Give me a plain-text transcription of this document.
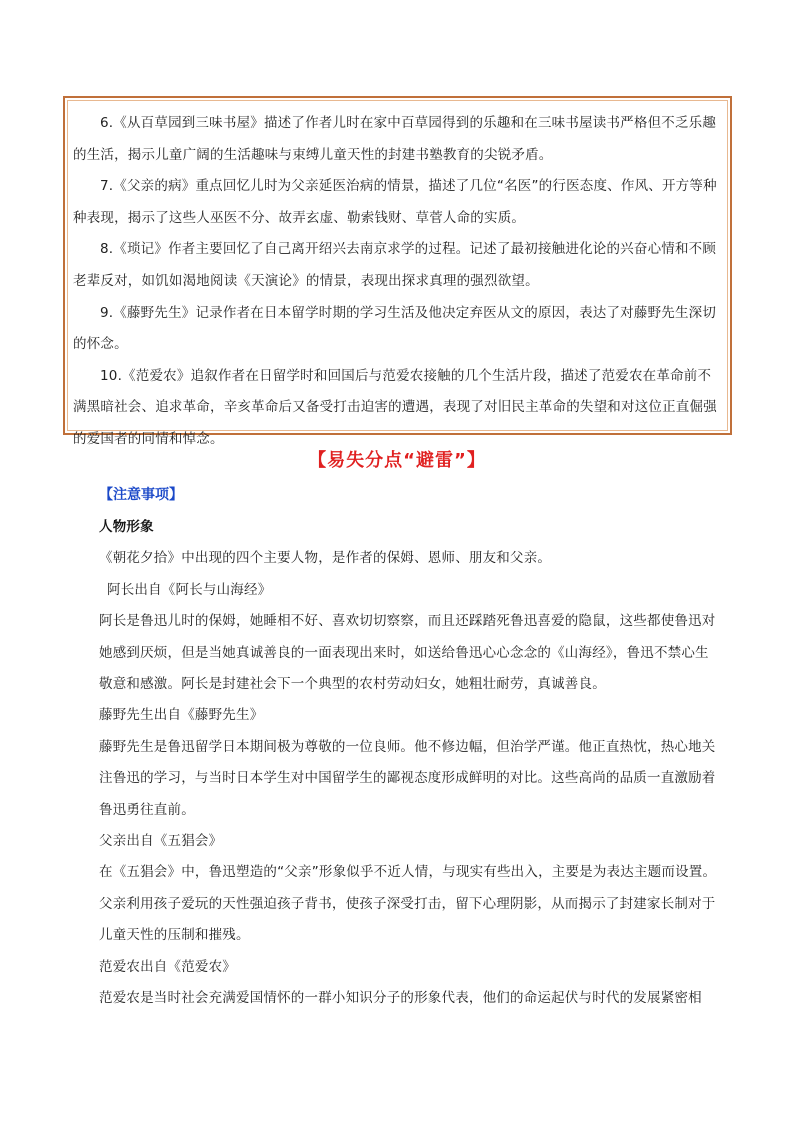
6.《从百草园到三味书屋》描述了作者儿时在家中百草园得到的乐趣和在三味书屋读书严格但不乏乐趣的生活，揭示儿童广阔的生活趣味与束缚儿童天性的封建书塾教育的尖锐矛盾。

7.《父亲的病》重点回忆儿时为父亲延医治病的情景，描述了几位“名医”的行医态度、作风、开方等种种表现，揭示了这些人巫医不分、故弄玄虚、勒索钱财、草菅人命的实质。

8.《琐记》作者主要回忆了自己离开绍兴去南京求学的过程。记述了最初接触进化论的兴奋心情和不顾老辈反对，如饥如渴地阅读《天演论》的情景，表现出探求真理的强烈欲望。

9.《藤野先生》记录作者在日本留学时期的学习生活及他决定弃医从文的原因，表达了对藤野先生深切的怀念。

10.《范爱农》追叙作者在日留学时和回国后与范爱农接触的几个生活片段，描述了范爱农在革命前不满黑暗社会、追求革命，辛亥革命后又备受打击迫害的遭遇，表现了对旧民主革命的失望和对这位正直倔强的爱国者的同情和悼念。

【易失分点“避雷”】
【注意事项】

人物形象

《朝花夕拾》中出现的四个主要人物，是作者的保姆、恩师、朋友和父亲。

阿长出自《阿长与山海经》

阿长是鲁迅儿时的保姆，她睡相不好、喜欢切切察察，而且还踩踏死鲁迅喜爱的隐鼠，这些都使鲁迅对她感到厌烦，但是当她真诚善良的一面表现出来时，如送给鲁迅心心念念的《山海经》，鲁迅不禁心生敬意和感激。阿长是封建社会下一个典型的农村劳动妇女，她粗壮耐劳，真诚善良。

藤野先生出自《藤野先生》

藤野先生是鲁迅留学日本期间极为尊敬的一位良师。他不修边幅，但治学严谨。他正直热忱，热心地关注鲁迅的学习，与当时日本学生对中国留学生的鄙视态度形成鲜明的对比。这些高尚的品质一直激励着鲁迅勇往直前。

父亲出自《五猖会》

在《五猖会》中，鲁迅塑造的“父亲”形象似乎不近人情，与现实有些出入，主要是为表达主题而设置。父亲利用孩子爱玩的天性强迫孩子背书，使孩子深受打击，留下心理阴影，从而揭示了封建家长制对于儿童天性的压制和摧残。

范爱农出自《范爱农》

范爱农是当时社会充满爱国情怀的一群小知识分子的形象代表，他们的命运起伏与时代的发展紧密相
